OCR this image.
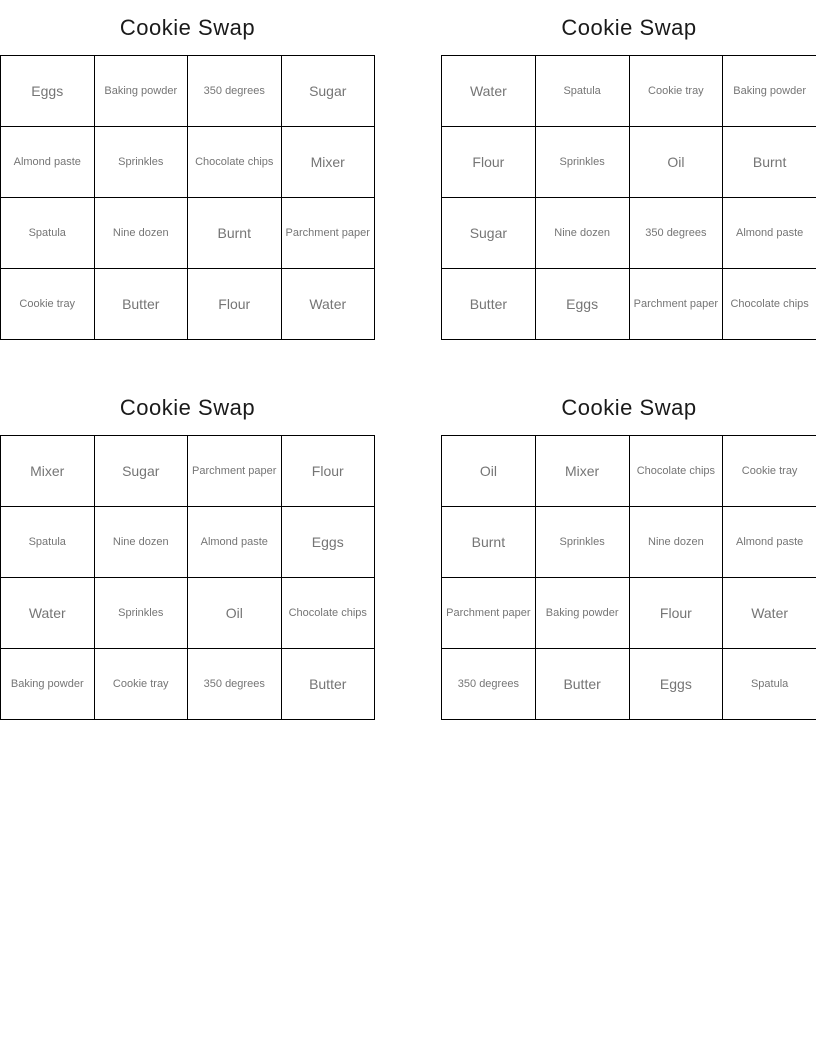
Cookie Swap
Eggs	Baking powder	350 degrees	Sugar
Almond paste	Sprinkles	Chocolate chips	Mixer
Spatula	Nine dozen	Burnt	Parchment paper
Cookie tray	Butter	Flour	Water
Cookie Swap
Water	Spatula	Cookie tray	Baking powder
Flour	Sprinkles	Oil	Burnt
Sugar	Nine dozen	350 degrees	Almond paste
Butter	Eggs	Parchment paper	Chocolate chips
Cookie Swap
Mixer	Sugar	Parchment paper	Flour
Spatula	Nine dozen	Almond paste	Eggs
Water	Sprinkles	Oil	Chocolate chips
Baking powder	Cookie tray	350 degrees	Butter
Cookie Swap
Oil	Mixer	Chocolate chips	Cookie tray
Burnt	Sprinkles	Nine dozen	Almond paste
Parchment paper	Baking powder	Flour	Water
350 degrees	Butter	Eggs	Spatula
